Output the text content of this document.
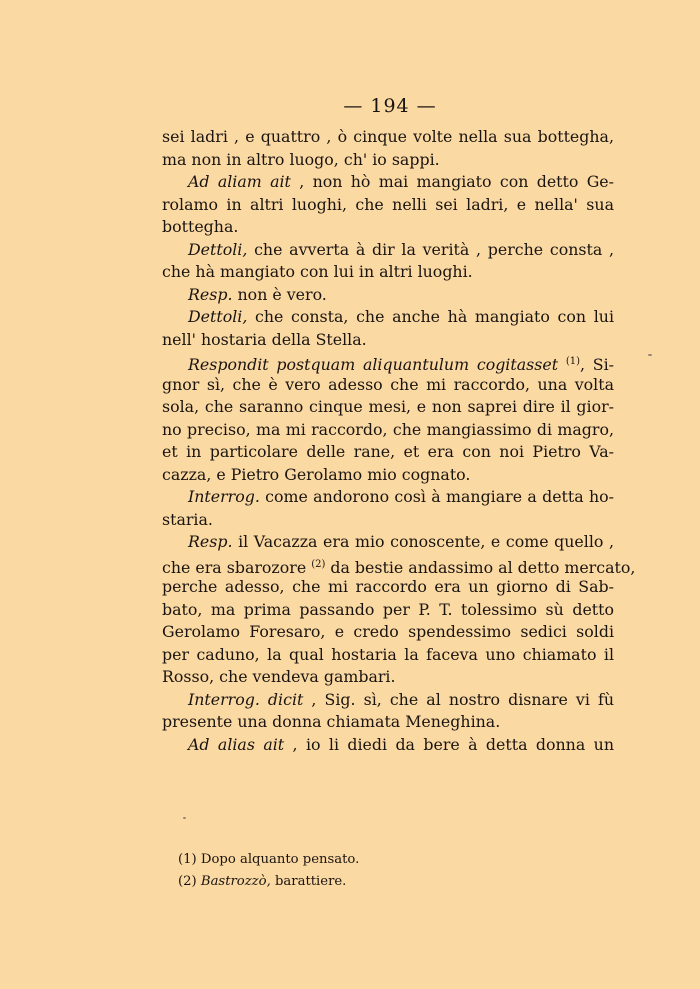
— 194 —
sei ladri , e quattro , ò cinque volte nella sua bottegha,
ma non in altro luogo, ch' io sappi.
Ad aliam ait , non hò mai mangiato con detto Ge-
rolamo in altri luoghi, che nelli sei ladri, e nella' sua
bottegha.
Dettoli, che avverta à dir la verità , perche consta ,
che hà mangiato con lui in altri luoghi.
Resp. non è vero.
Dettoli, che consta, che anche hà mangiato con lui
nell' hostaria della Stella.
Respondit postquam aliquantulum cogitasset $^{(1)}$, Si-
gnor sì, che è vero adesso che mi raccordo, una volta
sola, che saranno cinque mesi, e non saprei dire il gior-
no preciso, ma mi raccordo, che mangiassimo di magro,
et in particolare delle rane, et era con noi Pietro Va-
cazza, e Pietro Gerolamo mio cognato.
Interrog. come andorono così à mangiare a detta ho-
staria.
Resp. il Vacazza era mio conoscente, e come quello ,
che era sbarozore $^{(2)}$ da bestie andassimo al detto mercato,
perche adesso, che mi raccordo era un giorno di Sab-
bato, ma prima passando per P. T. tolessimo sù detto
Gerolamo Foresaro, e credo spendessimo sedici soldi
per caduno, la qual hostaria la faceva uno chiamato il
Rosso, che vendeva gambari.
Interrog. dicit , Sig. sì, che al nostro disnare vi fù
presente una donna chiamata Meneghina.
Ad alias ait , io li diedi da bere à detta donna un
(1) Dopo alquanto pensato.
(2) Bastrozzò, barattiere.
